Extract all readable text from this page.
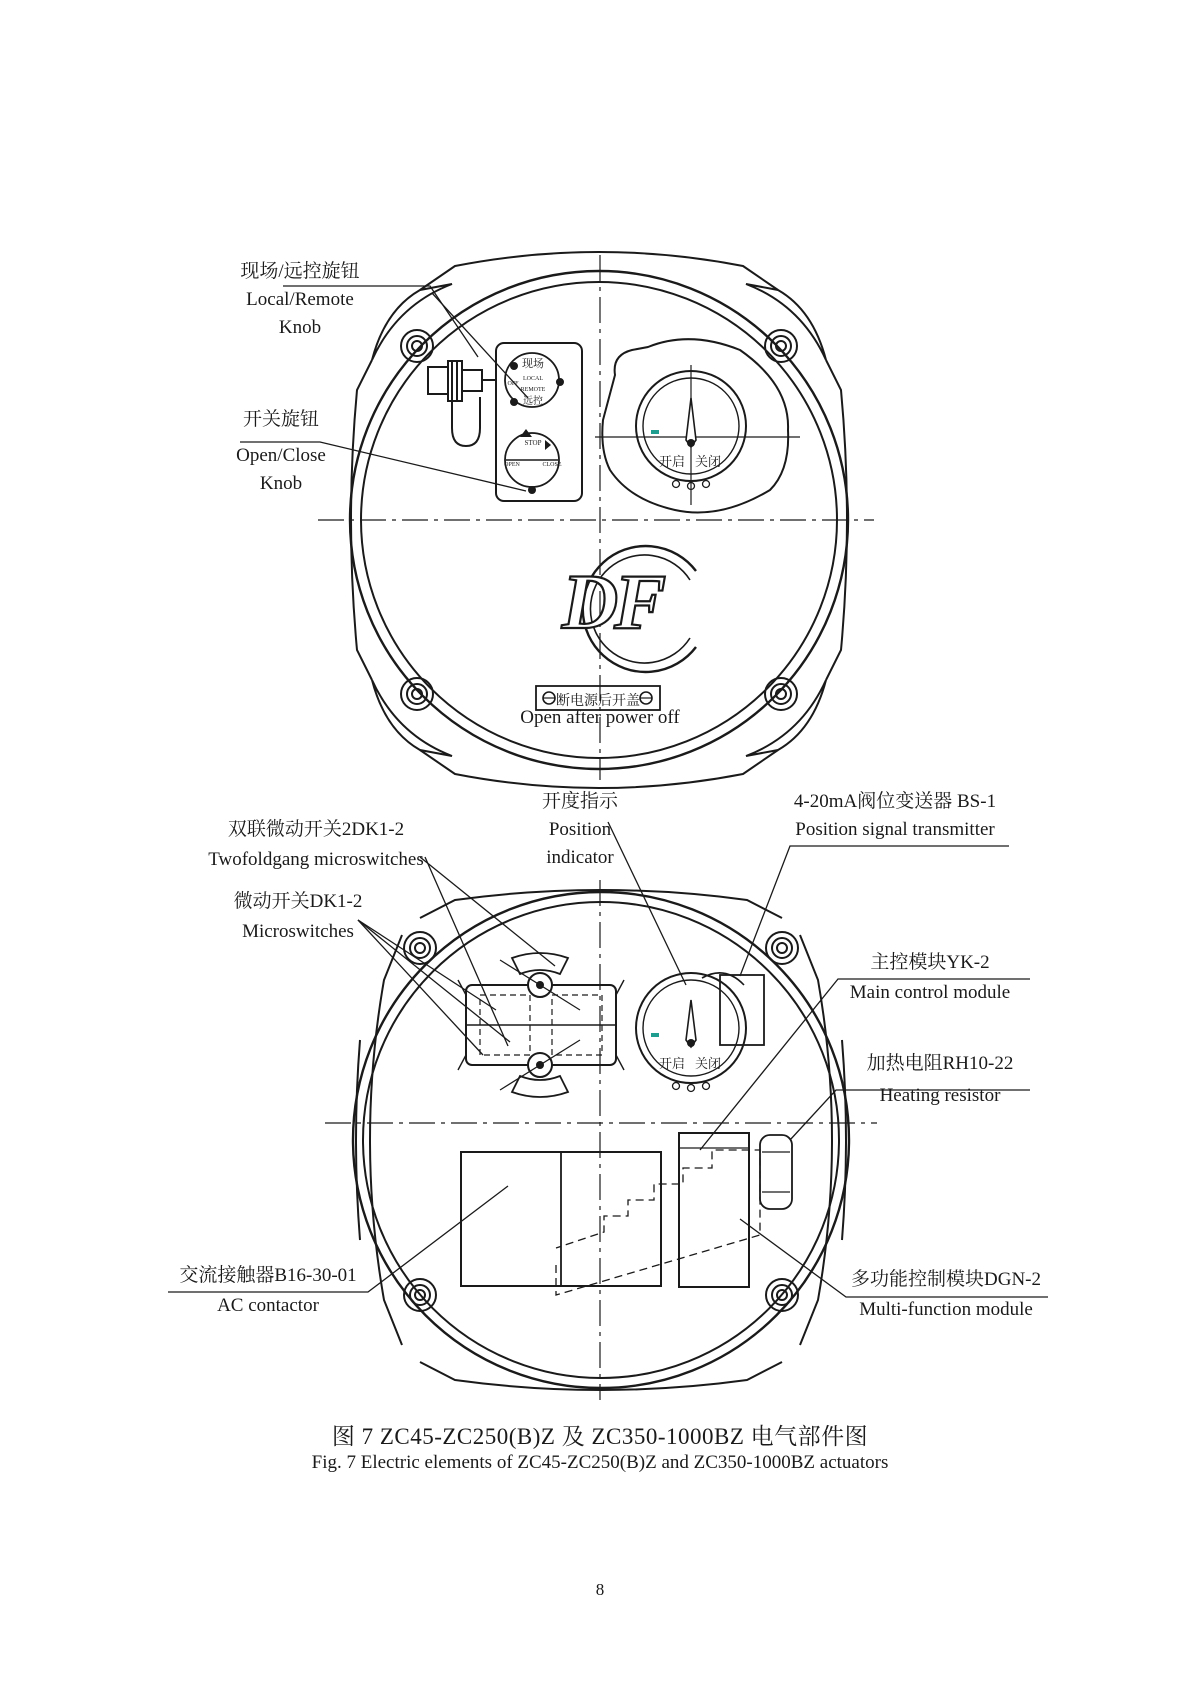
现场
LOCAL
OFF
REMOTE
远控
STOP
OPEN	CLOSE	开启 关闭
开启 关闭
DF
断电源后开盖
现场/远控旋钮
Local/Remote
Knob
开关旋钮
Open/Close
Knob
Open after power off
双联微动开关2DK1-2
Twofoldgang microswitches
微动开关DK1-2
Microswitches
开度指示
Position
indicator
4-20mA阀位变送器 BS-1
Position signal transmitter
主控模块YK-2
Main control module
加热电阻RH10-22
Heating resistor
交流接触器B16-30-01
AC contactor
多功能控制模块DGN-2
Multi-function module
图 7 ZC45-ZC250(B)Z 及 ZC350-1000BZ 电气部件图
Fig. 7 Electric elements of ZC45-ZC250(B)Z and ZC350-1000BZ actuators
8
